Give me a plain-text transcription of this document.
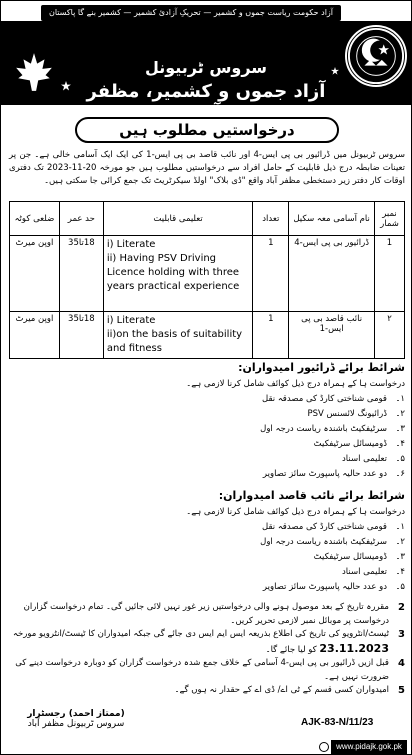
آزاد حکومت ریاست جموں و کشمیر — تحریکِ آزادیٔ کشمیر — کشمیر بنے گا پاکستان
سروس ٹربیونل
آزاد جموں و کشمیر، مظفر آباد
درخواستیں مطلوب ہیں
سروس ٹربیونل میں ڈرائیور بی پی ایس-4 اور نائب قاصد بی پی ایس-1 کی ایک ایک آسامی خالی ہے۔ جن پر تعینات ضابطہ درج ذیل قابلیت کے حامل افراد سے درخواستیں مطلوب ہیں جو مورخہ 20-11-2023 تک دفتری اوقات کار دفتر زیر دستخطی مظفر آباد واقع "ڈی بلاک" اولڈ سیکرٹریٹ تک جمع کرائی جا سکتی ہیں۔
ضلعی کوٹہ	حد عمر	تعلیمی قابلیت	تعداد	نام آسامی معہ سکیل	نمبر شمار
اوپن میرٹ	18تا35	i) Literate
ii) Having PSV Driving Licence holding with three years practical experience	1	ڈرائیور بی پی ایس-4	1
اوپن میرٹ	18تا35	i) Literate
ii)on the basis of suitability and fitness	1	نائب قاصد بی پی ایس-1	۲
شرائط برائے ڈرائیور امیدواران:
درخواست ہا کے ہمراہ درج ذیل کوائف شامل کرنا لازمی ہے۔
۱۔
قومی شناختی کارڈ کی مصدقہ نقل
۲۔
ڈرائیونگ لائسنس PSV
۳۔
سرٹیفکیٹ باشندہ ریاست درجہ اول
۴۔
ڈومیسائل سرٹیفکیٹ
۵۔
تعلیمی اسناد
۶۔
دو عدد حالیہ پاسپورٹ سائز تصاویر
شرائط برائے نائب قاصد امیدواران:
درخواست ہا کے ہمراہ درج ذیل کوائف شامل کرنا لازمی ہے۔
۱۔
قومی شناختی کارڈ کی مصدقہ نقل
۲۔
سرٹیفکیٹ باشندہ ریاست درجہ اول
۳۔
ڈومیسائل سرٹیفکیٹ
۴۔
تعلیمی اسناد
۵۔
دو عدد حالیہ پاسپورٹ سائز تصاویر
2
مقررہ تاریخ کے بعد موصول ہونے والی درخواستیں زیر غور نہیں لائی جائیں گی۔ تمام درخواست گزاران درخواست پر موبائل نمبر لازمی تحریر کریں۔
3
ٹیسٹ/انٹرویو کی تاریخ کی اطلاع بذریعہ ایس ایم ایس دی جائے گی جبکہ امیدواران کا ٹیسٹ/انٹرویو مورخہ 23.11.2023 کو لیا جائے گا۔
4
قبل ازیں ڈرائیور بی پی ایس-4 آسامی کے خلاف جمع شدہ درخواست گزاران کو دوبارہ درخواست دینے کی ضرورت نہیں ہے۔
5
امیدواران کسی قسم کے ٹی اے/ ڈی اے کے حقدار نہ ہوں گے۔
(ممتاز احمد) رجسٹرار
سروس ٹربیونل مظفر آباد	AJK-83-N/11/23
www.pidajk.gok.pk
